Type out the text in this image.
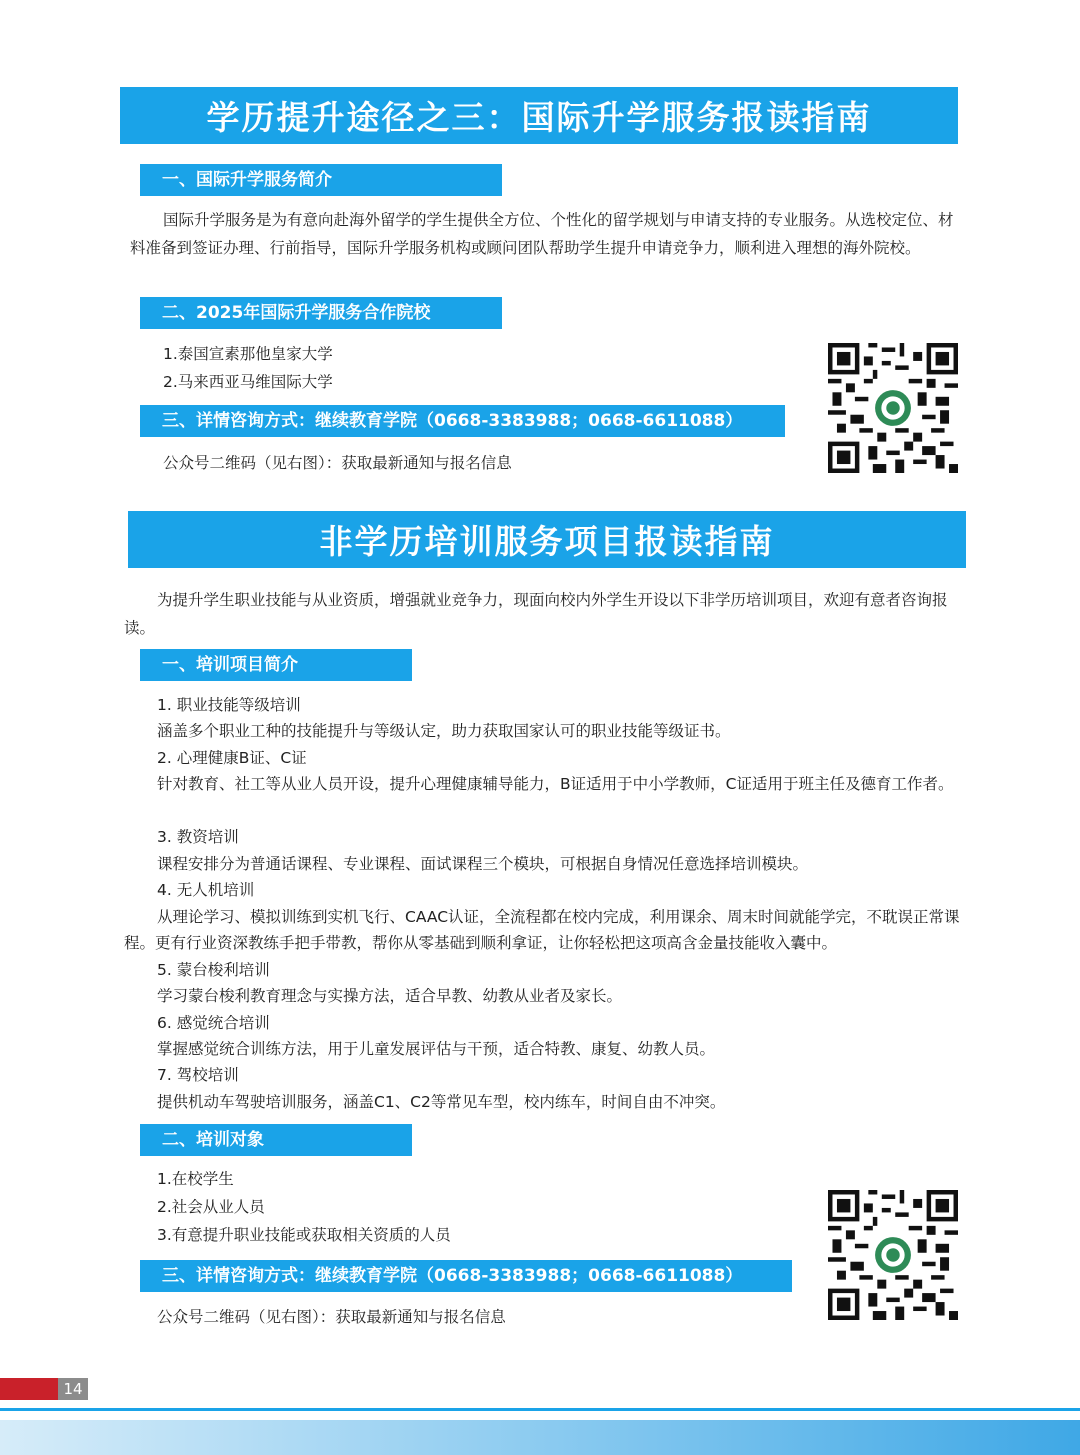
学历提升途径之三：国际升学服务报读指南
一、国际升学服务简介

国际升学服务是为有意向赴海外留学的学生提供全方位、个性化的留学规划与申请支持的专业服务。从选校定位、材料准备到签证办理、行前指导，国际升学服务机构或顾问团队帮助学生提升申请竞争力，顺利进入理想的海外院校。

二、2025年国际升学服务合作院校

1.泰国宣素那他皇家大学

2.马来西亚马维国际大学

三、详情咨询方式：继续教育学院（0668-3383988；0668-6611088）

公众号二维码（见右图）：获取最新通知与报名信息

非学历培训服务项目报读指南

为提升学生职业技能与从业资质，增强就业竞争力，现面向校内外学生开设以下非学历培训项目，欢迎有意者咨询报读。

一、培训项目简介

1. 职业技能等级培训

涵盖多个职业工种的技能提升与等级认定，助力获取国家认可的职业技能等级证书。

2. 心理健康B证、C证

针对教育、社工等从业人员开设，提升心理健康辅导能力，B证适用于中小学教师，C证适用于班主任及德育工作者。

3. 教资培训

课程安排分为普通话课程、专业课程、面试课程三个模块，可根据自身情况任意选择培训模块。

4. 无人机培训

从理论学习、模拟训练到实机飞行、CAAC认证，全流程都在校内完成，利用课余、周末时间就能学完，不耽误正常课程。更有行业资深教练手把手带教，帮你从零基础到顺利拿证，让你轻松把这项高含金量技能收入囊中。

5. 蒙台梭利培训

学习蒙台梭利教育理念与实操方法，适合早教、幼教从业者及家长。

6. 感觉统合培训

掌握感觉统合训练方法，用于儿童发展评估与干预，适合特教、康复、幼教人员。

7. 驾校培训

提供机动车驾驶培训服务，涵盖C1、C2等常见车型，校内练车，时间自由不冲突。

二、培训对象

1.在校学生

2.社会从业人员

3.有意提升职业技能或获取相关资质的人员

三、详情咨询方式：继续教育学院（0668-3383988；0668-6611088）

公众号二维码（见右图）：获取最新通知与报名信息

14
